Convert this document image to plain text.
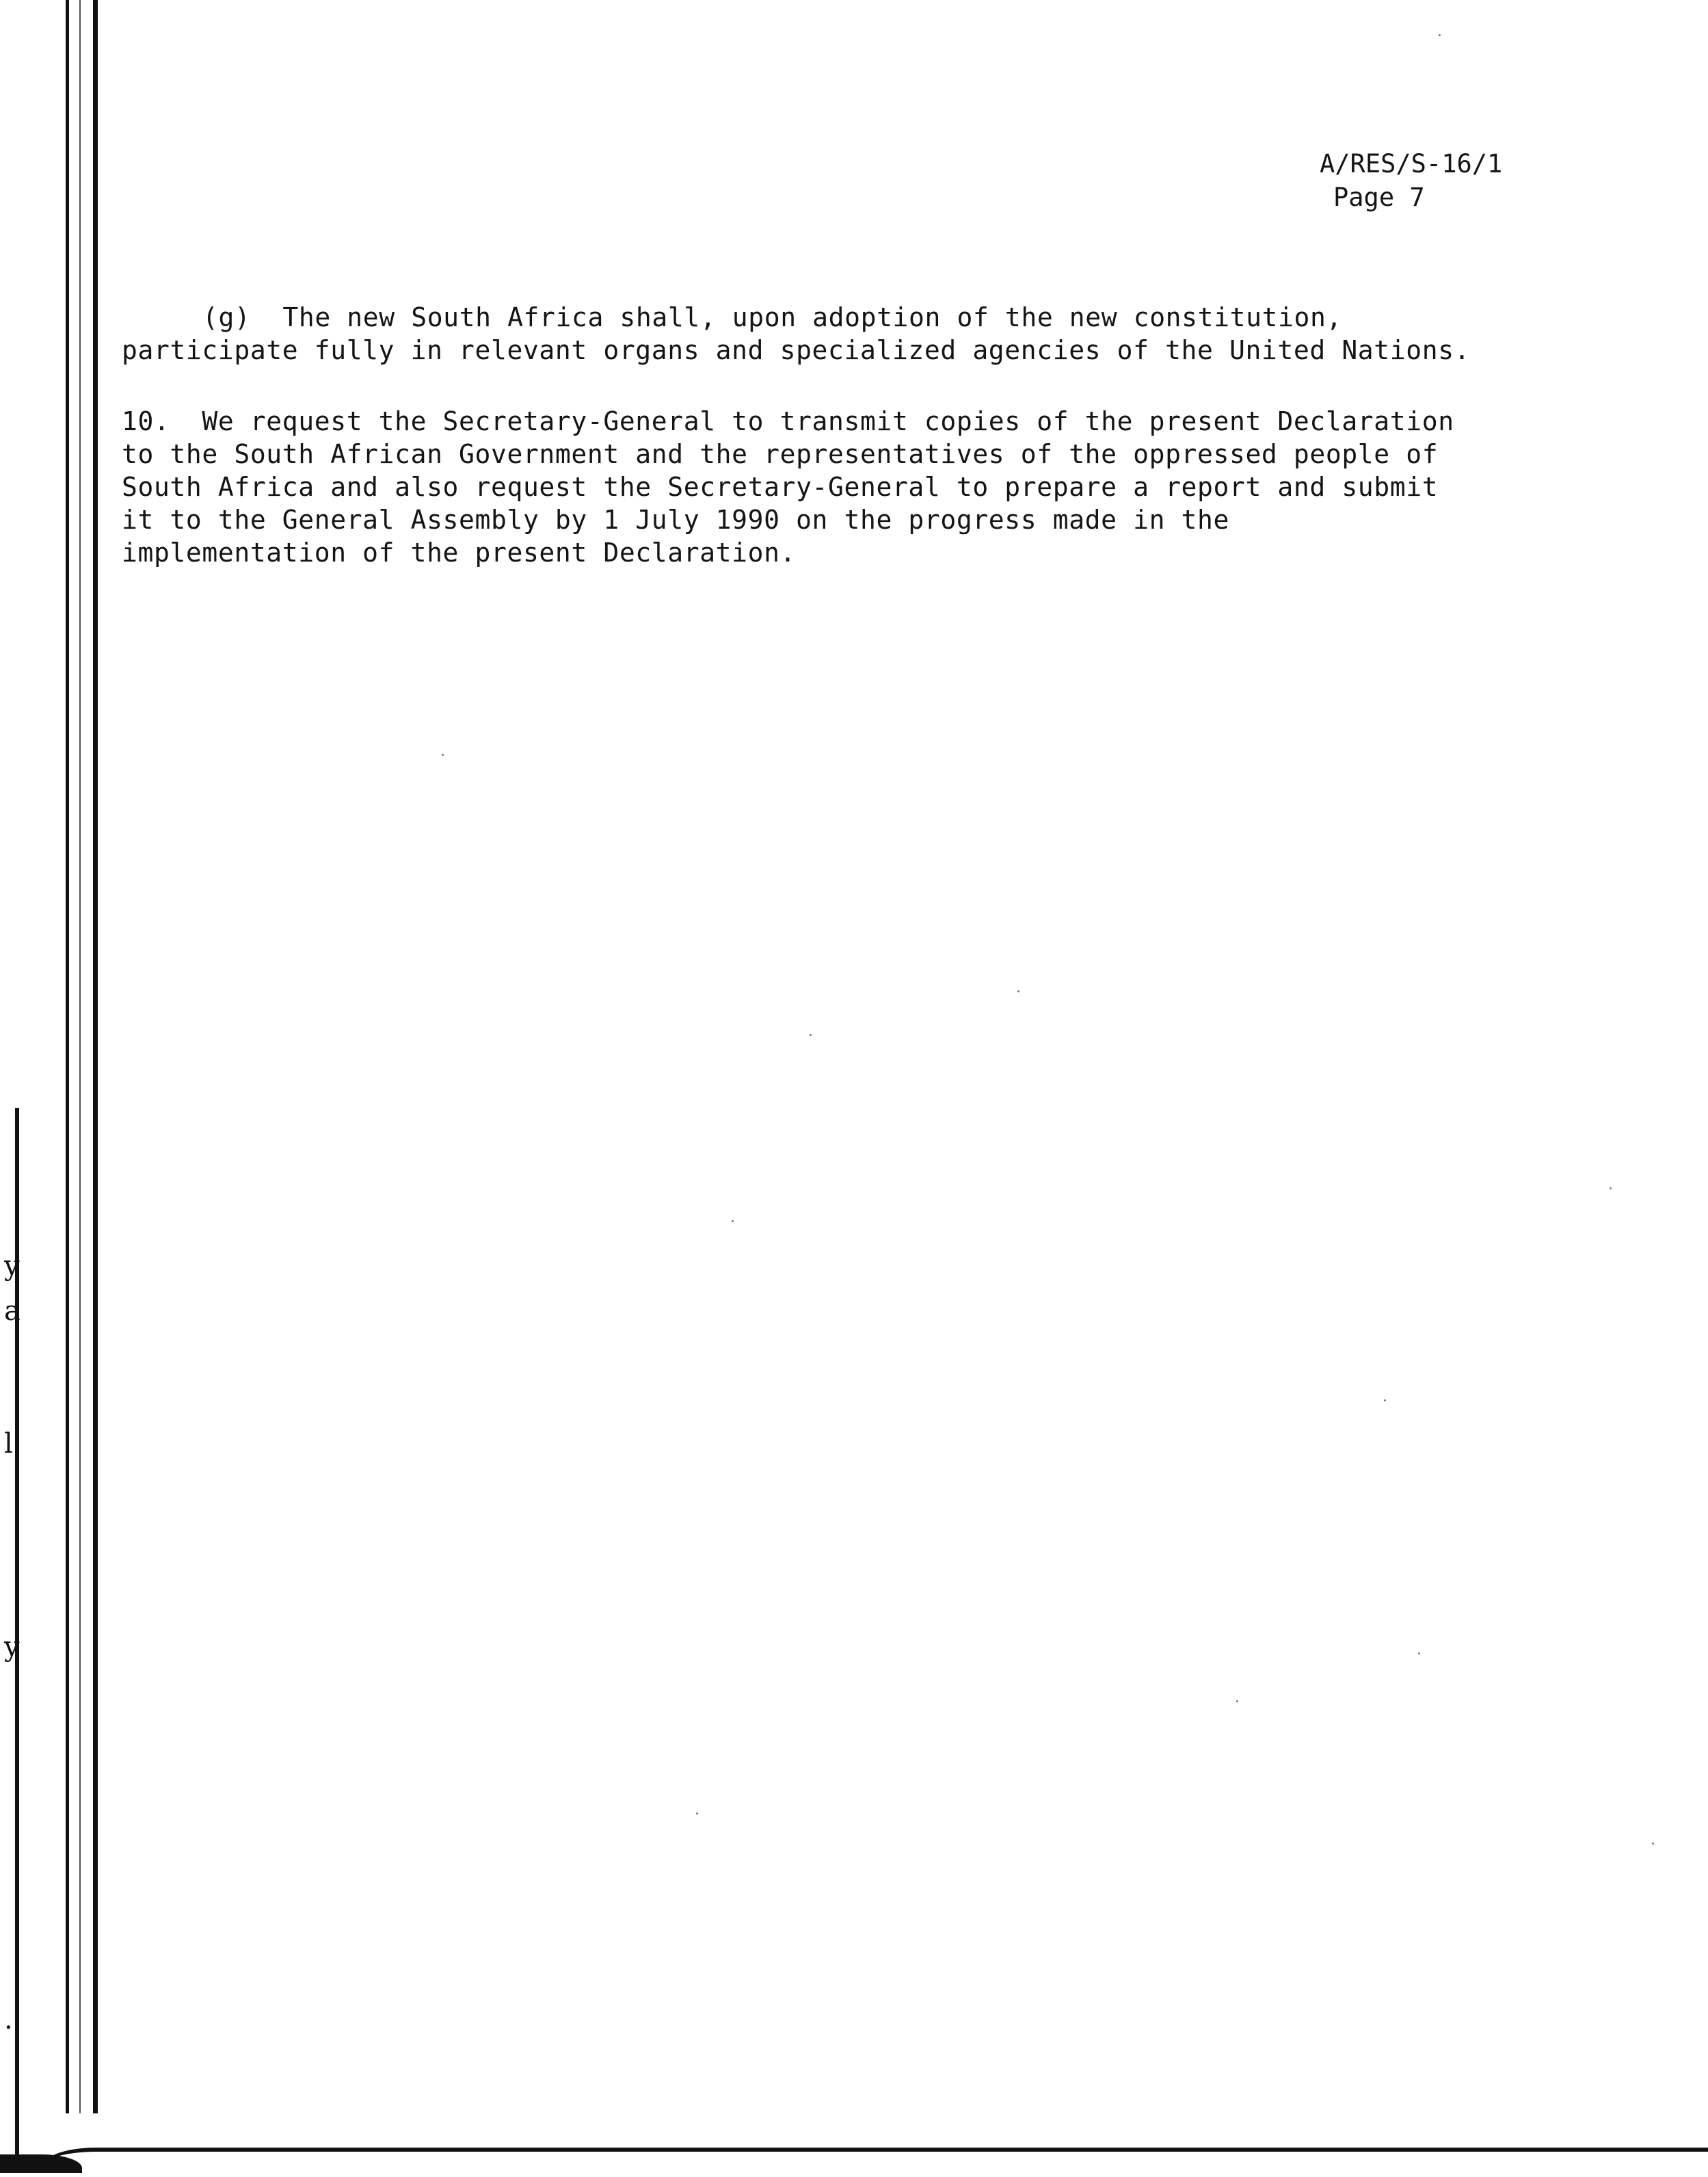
y
a
l
y
.
A/RES/S-16/1
Page 7
(g)  The new South Africa shall, upon adoption of the new constitution,
participate fully in relevant organs and specialized agencies of the United Nations.
10.  We request the Secretary-General to transmit copies of the present Declaration
to the South African Government and the representatives of the oppressed people of
South Africa and also request the Secretary-General to prepare a report and submit
it to the General Assembly by 1 July 1990 on the progress made in the
implementation of the present Declaration.
